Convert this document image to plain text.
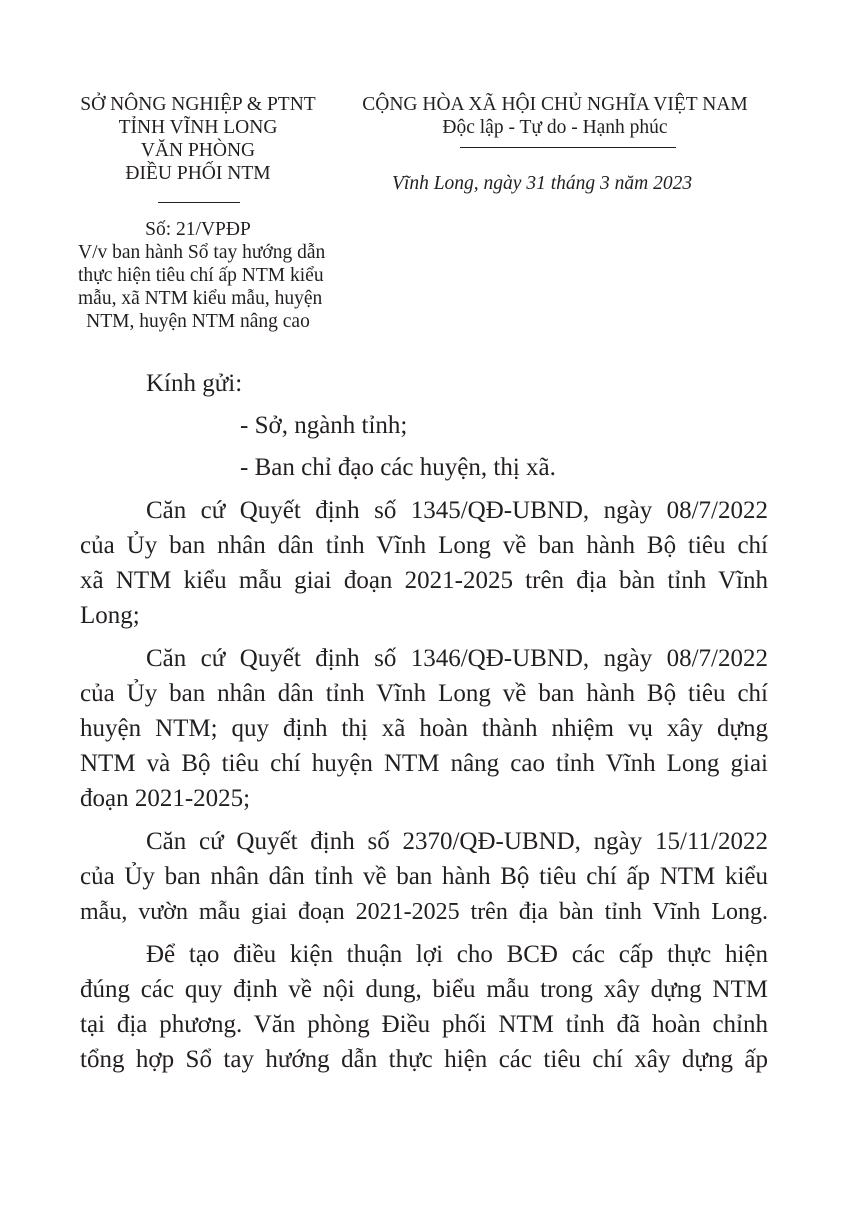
SỞ NÔNG NGHIỆP & PTNT
TỈNH VĨNH LONG
VĂN PHÒNG
ĐIỀU PHỐI NTM
CỘNG HÒA XÃ HỘI CHỦ NGHĨA VIỆT NAM
Độc lập - Tự do - Hạnh phúc
Vĩnh Long, ngày 31 tháng 3 năm 2023
Số: 21/VPĐP
V/v ban hành Sổ tay hướng dẫn
thực hiện tiêu chí ấp NTM kiểu
mẫu, xã NTM kiểu mẫu, huyện
NTM, huyện NTM nâng cao
Kính gửi:
- Sở, ngành tỉnh;
- Ban chỉ đạo các huyện, thị xã.
Căn cứ Quyết định số 1345/QĐ-UBND, ngày 08/7/2022
của Ủy ban nhân dân tỉnh Vĩnh Long về ban hành Bộ tiêu chí
xã NTM kiểu mẫu giai đoạn 2021-2025 trên địa bàn tỉnh Vĩnh
Long;
Căn cứ Quyết định số 1346/QĐ-UBND, ngày 08/7/2022
của Ủy ban nhân dân tỉnh Vĩnh Long về ban hành Bộ tiêu chí
huyện NTM; quy định thị xã hoàn thành nhiệm vụ xây dựng
NTM và Bộ tiêu chí huyện NTM nâng cao tỉnh Vĩnh Long giai
đoạn 2021-2025;
Căn cứ Quyết định số 2370/QĐ-UBND, ngày 15/11/2022
của Ủy ban nhân dân tỉnh về ban hành Bộ tiêu chí ấp NTM kiểu
mẫu, vườn mẫu giai đoạn 2021-2025 trên địa bàn tỉnh Vĩnh Long.
Để tạo điều kiện thuận lợi cho BCĐ các cấp thực hiện
đúng các quy định về nội dung, biểu mẫu trong xây dựng NTM
tại địa phương. Văn phòng Điều phối NTM tỉnh đã hoàn chỉnh
tổng hợp Sổ tay hướng dẫn thực hiện các tiêu chí xây dựng ấp
